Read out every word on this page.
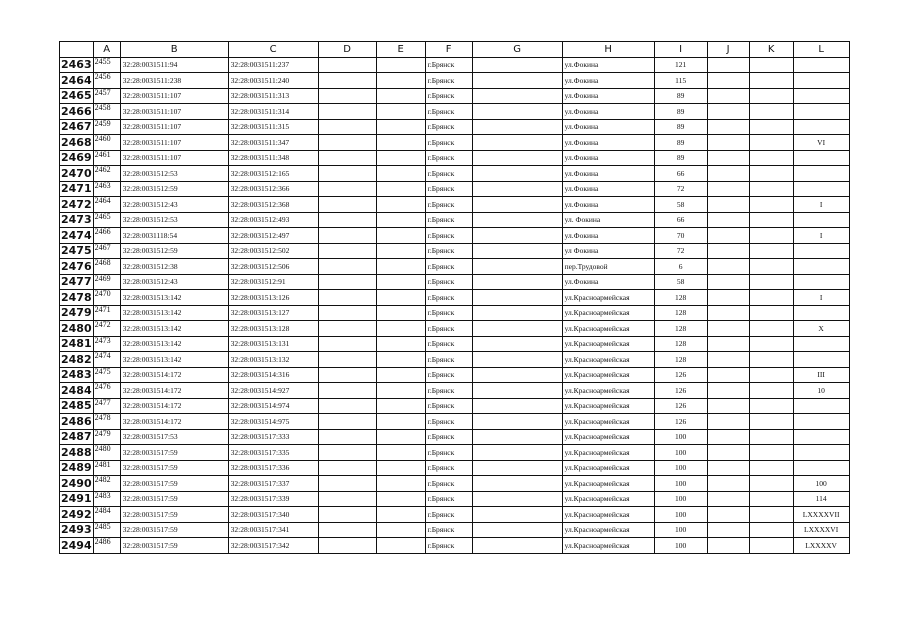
	A	B	C	D	E	F	G	H	I	J	K	L
2463	2455	32:28:0031511:94	32:28:0031511:237			г.Брянск		ул.Фокина	121			
2464	2456	32:28:0031511:238	32:28:0031511:240			г.Брянск		ул.Фокина	115			
2465	2457	32:28:0031511:107	32:28:0031511:313			г.Брянск		ул.Фокина	89			
2466	2458	32:28:0031511:107	32:28:0031511:314			г.Брянск		ул.Фокина	89			
2467	2459	32:28:0031511:107	32:28:0031511:315			г.Брянск		ул.Фокина	89			
2468	2460	32:28:0031511:107	32:28:0031511:347			г.Брянск		ул.Фокина	89			VI
2469	2461	32:28:0031511:107	32:28:0031511:348			г.Брянск		ул.Фокина	89			
2470	2462	32:28:0031512:53	32:28:0031512:165			г.Брянск		ул.Фокина	66			
2471	2463	32:28:0031512:59	32:28:0031512:366			г.Брянск		ул.Фокина	72			
2472	2464	32:28:0031512:43	32:28:0031512:368			г.Брянск		ул.Фокина	58			I
2473	2465	32:28:0031512:53	32:28:0031512:493			г.Брянск		ул. Фокина	66			
2474	2466	32:28:0031118:54	32:28:0031512:497			г.Брянск		ул.Фокина	70			I
2475	2467	32:28:0031512:59	32:28:0031512:502			г.Брянск		ул Фокина	72			
2476	2468	32:28:0031512:38	32:28:0031512:506			г.Брянск		пер.Трудовой	6			
2477	2469	32:28:0031512:43	32:28:0031512:91			г.Брянск		ул.Фокина	58			
2478	2470	32:28:0031513:142	32:28:0031513:126			г.Брянск		ул.Красноармейская	128			I
2479	2471	32:28:0031513:142	32:28:0031513:127			г.Брянск		ул.Красноармейская	128			
2480	2472	32:28:0031513:142	32:28:0031513:128			г.Брянск		ул.Красноармейская	128			X
2481	2473	32:28:0031513:142	32:28:0031513:131			г.Брянск		ул.Красноармейская	128			
2482	2474	32:28:0031513:142	32:28:0031513:132			г.Брянск		ул.Красноармейская	128			
2483	2475	32:28:0031514:172	32:28:0031514:316			г.Брянск		ул.Красноармейская	126			III
2484	2476	32:28:0031514:172	32:28:0031514:927			г.Брянск		ул.Красноармейская	126			10
2485	2477	32:28:0031514:172	32:28:0031514:974			г.Брянск		ул.Красноармейская	126			
2486	2478	32:28:0031514:172	32:28:0031514:975			г.Брянск		ул.Красноармейская	126			
2487	2479	32:28:0031517:53	32:28:0031517:333			г.Брянск		ул.Красноармейская	100			
2488	2480	32:28:0031517:59	32:28:0031517:335			г.Брянск		ул.Красноармейская	100			
2489	2481	32:28:0031517:59	32:28:0031517:336			г.Брянск		ул.Красноармейская	100			
2490	2482	32:28:0031517:59	32:28:0031517:337			г.Брянск		ул.Красноармейская	100			100
2491	2483	32:28:0031517:59	32:28:0031517:339			г.Брянск		ул.Красноармейская	100			114
2492	2484	32:28:0031517:59	32:28:0031517:340			г.Брянск		ул.Красноармейская	100			LXXXXVII
2493	2485	32:28:0031517:59	32:28:0031517:341			г.Брянск		ул.Красноармейская	100			LXXXXVI
2494	2486	32:28:0031517:59	32:28:0031517:342			г.Брянск		ул.Красноармейская	100			LXXXXV
